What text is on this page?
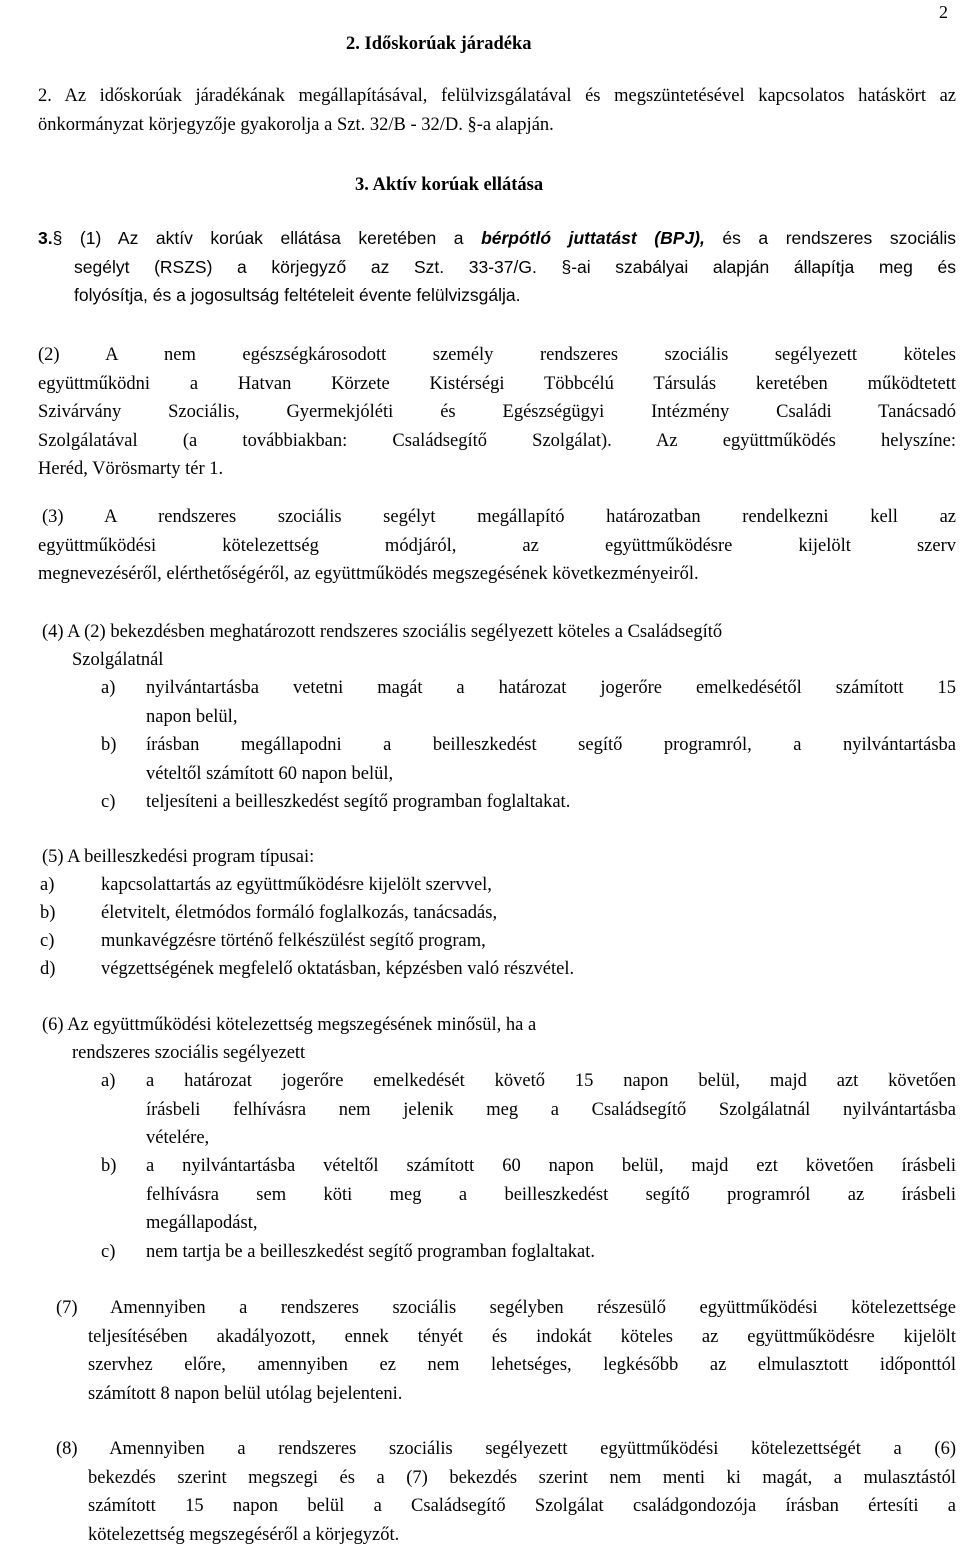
2
2. Időskorúak járadéka
2. Az időskorúak járadékának megállapításával, felülvizsgálatával és megszüntetésével kapcsolatos hatáskört az önkormányzat körjegyzője gyakorolja a Szt. 32/B - 32/D. §-a alapján.
3. Aktív korúak ellátása
3.§ (1) Az aktív korúak ellátása keretében a bérpótló juttatást (BPJ), és a rendszeres szociális
segélyt (RSZS) a körjegyző az Szt. 33-37/G. §-ai szabályai alapján állapítja meg és
folyósítja, és a jogosultság feltételeit évente felülvizsgálja.
(2) A nem egészségkárosodott személy rendszeres szociális segélyezett köteles
együttműködni a Hatvan Körzete Kistérségi Többcélú Társulás keretében működtetett
Szivárvány Szociális, Gyermekjóléti és Egészségügyi Intézmény Családi Tanácsadó
Szolgálatával (a továbbiakban: Családsegítő Szolgálat). Az együttműködés helyszíne:
Heréd, Vörösmarty tér 1.
(3) A rendszeres szociális segélyt megállapító határozatban rendelkezni kell az
együttműködési kötelezettség módjáról, az együttműködésre kijelölt szerv
megnevezéséről, elérthetőségéről, az együttműködés megszegésének következményeiről.
(4) A (2) bekezdésben meghatározott rendszeres szociális segélyezett köteles a Családsegítő
Szolgálatnál
a) nyilvántartásba vetetni magát a határozat jogerőre emelkedésétől számított 15
napon belül,
b) írásban megállapodni a beilleszkedést segítő programról, a nyilvántartásba
vételtől számított 60 napon belül,
c) teljesíteni a beilleszkedést segítő programban foglaltakat.
(5) A beilleszkedési program típusai:
a)	kapcsolattartás az együttműködésre kijelölt szervvel,
b) életvitelt, életmódos formáló foglalkozás, tanácsadás,
c)	munkavégzésre történő felkészülést segítő program,
d) végzettségének megfelelő oktatásban, képzésben való részvétel.
(6) Az együttműködési kötelezettség megszegésének minősül, ha a
rendszeres szociális segélyezett
a) a határozat jogerőre emelkedését követő 15 napon belül, majd azt követően
írásbeli felhívásra nem jelenik meg a Családsegítő Szolgálatnál nyilvántartásba
vételére,
b) a nyilvántartásba vételtől számított 60 napon belül, majd ezt követően írásbeli
felhívásra sem köti meg a beilleszkedést segítő programról az írásbeli
megállapodást,
c) nem tartja be a beilleszkedést segítő programban foglaltakat.
(7) Amennyiben a rendszeres szociális segélyben részesülő együttműködési kötelezettsége
teljesítésében akadályozott, ennek tényét és indokát köteles az együttműködésre kijelölt
szervhez előre, amennyiben ez nem lehetséges, legkésőbb az elmulasztott időponttól
számított 8 napon belül utólag bejelenteni.
(8) Amennyiben a rendszeres szociális segélyezett együttműködési kötelezettségét a (6)
bekezdés szerint megszegi és a (7) bekezdés szerint nem menti ki magát, a mulasztástól
számított 15 napon belül a Családsegítő Szolgálat családgondozója írásban értesíti a
kötelezettség megszegéséről a körjegyzőt.
